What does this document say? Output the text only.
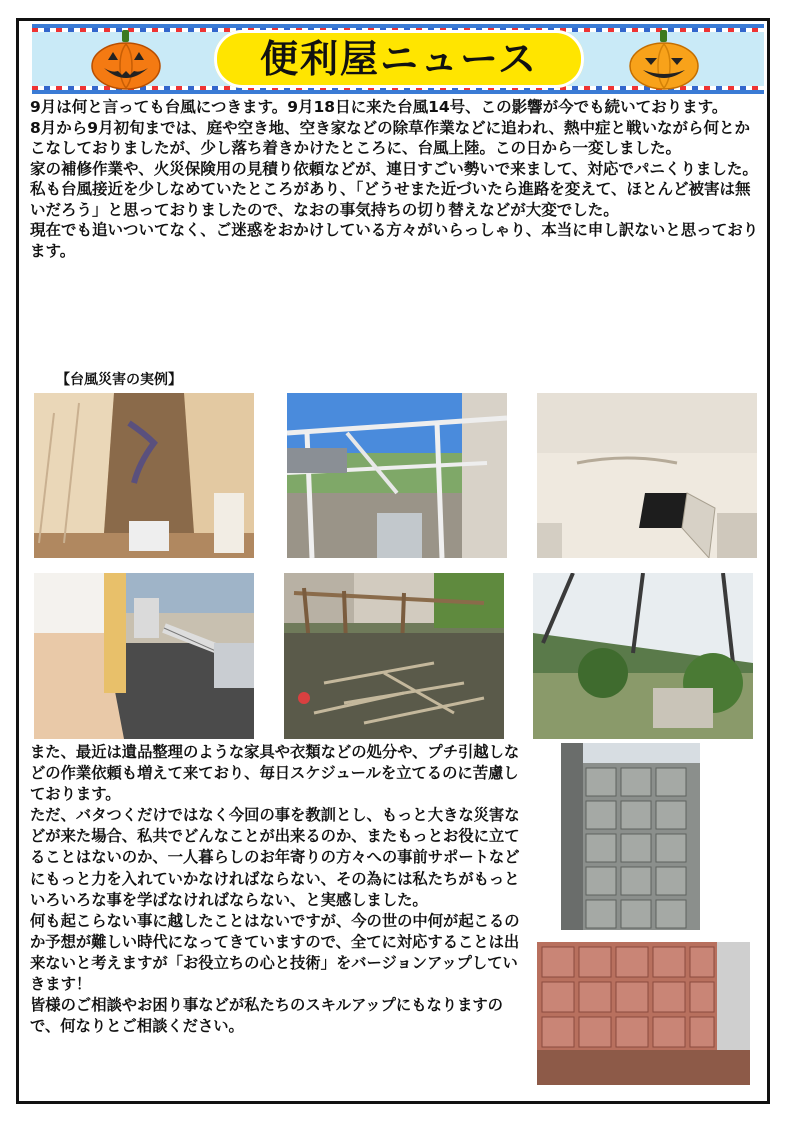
便利屋ニュース
9月は何と言っても台風につきます。9月18日に来た台風14号、この影響が今でも続いております。
8月から9月初旬までは、庭や空き地、空き家などの除草作業などに追われ、熱中症と戦いながら何とかこなしておりましたが、少し落ち着きかけたところに、台風上陸。この日から一変しました。
家の補修作業や、火災保険用の見積り依頼などが、連日すごい勢いで来まして、対応でパニくりました。私も台風接近を少しなめていたところがあり、「どうせまた近づいたら進路を変えて、ほとんど被害は無いだろう」と思っておりましたので、なおの事気持ちの切り替えなどが大変でした。
現在でも追いついてなく、ご迷惑をおかけしている方々がいらっしゃり、本当に申し訳ないと思っております。
【台風災害の実例】

また、最近は遺品整理のような家具や衣類などの処分や、プチ引越しなどの作業依頼も増えて来ており、毎日スケジュールを立てるのに苦慮しております。

ただ、バタつくだけではなく今回の事を教訓とし、もっと大きな災害などが来た場合、私共でどんなことが出来るのか、またもっとお役に立てることはないのか、一人暮らしのお年寄りの方々への事前サポートなどにもっと力を入れていかなければならない、その為には私たちがもっといろいろな事を学ばなければならない、と実感しました。

何も起こらない事に越したことはないですが、今の世の中何が起こるのか予想が難しい時代になってきていますので、全てに対応することは出来ないと考えますが「お役立ちの心と技術」をバージョンアップしていきます！

皆様のご相談やお困り事などが私たちのスキルアップにもなりますので、何なりとご相談ください。
